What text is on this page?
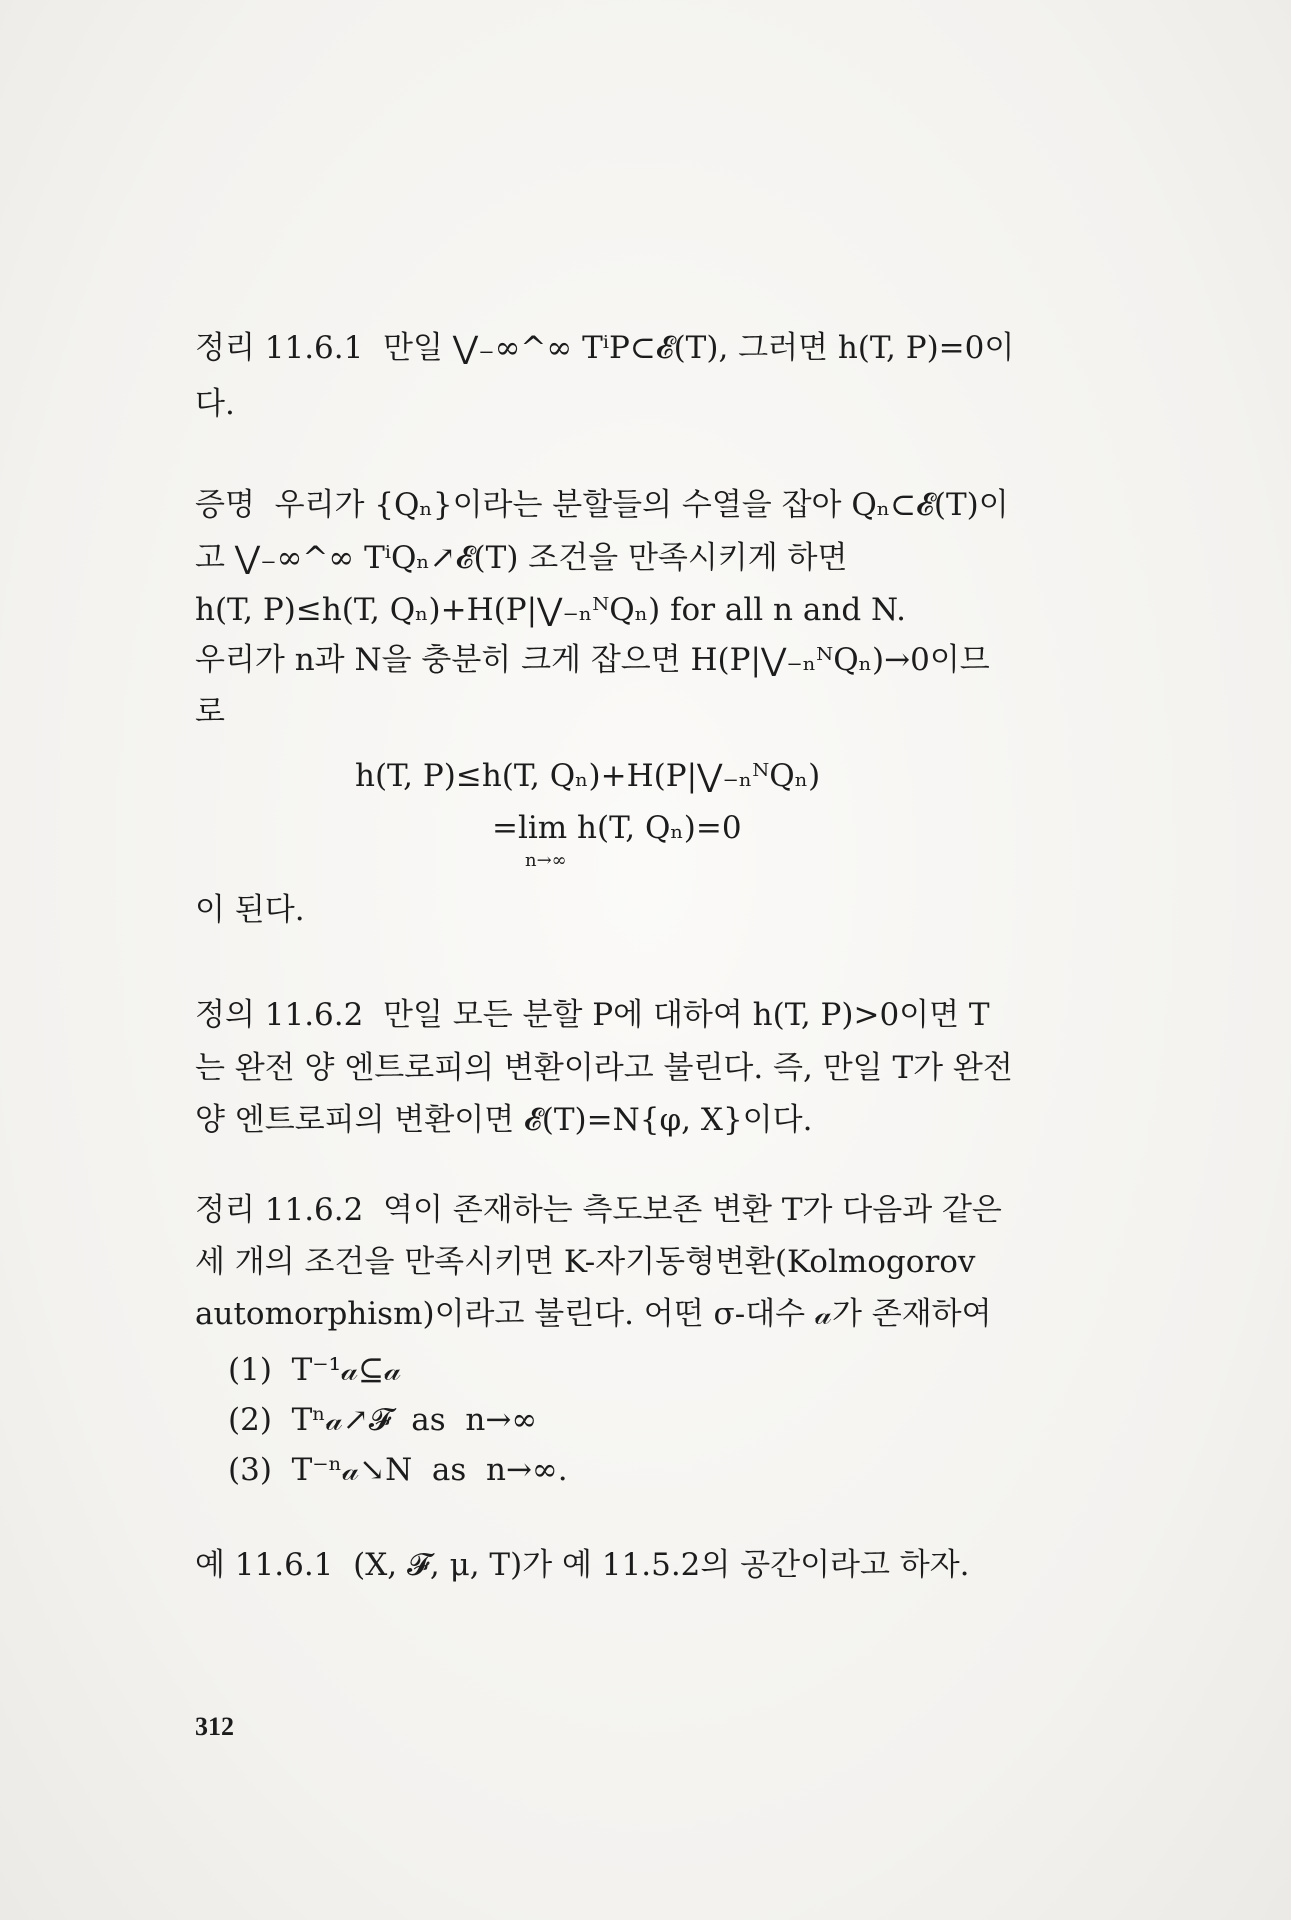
정리 11.6.1  만일 ⋁₋∞^∞ TⁱP⊂𝓔(T), 그러면 h(T, P)=0이
다.
증명  우리가 {Qₙ}이라는 분할들의 수열을 잡아 Qₙ⊂𝓔(T)이
고 ⋁₋∞^∞ TⁱQₙ↗𝓔(T) 조건을 만족시키게 하면
h(T, P)≤h(T, Qₙ)+H(P|⋁₋ₙᴺQₙ) for all n and N.
우리가 n과 N을 충분히 크게 잡으면 H(P|⋁₋ₙᴺQₙ)→0이므
로
h(T, P)≤h(T, Qₙ)+H(P|⋁₋ₙᴺQₙ)
=lim h(T, Qₙ)=0
n→∞
이 된다.
정의 11.6.2  만일 모든 분할 P에 대하여 h(T, P)>0이면 T
는 완전 양 엔트로피의 변환이라고 불린다. 즉, 만일 T가 완전
양 엔트로피의 변환이면 𝓔(T)=N{φ, X}이다.
정리 11.6.2  역이 존재하는 측도보존 변환 T가 다음과 같은
세 개의 조건을 만족시키면 K-자기동형변환(Kolmogorov
automorphism)이라고 불린다. 어떤 σ-대수 𝒶가 존재하여
(1)  T⁻¹𝒶⊆𝒶
(2)  Tⁿ𝒶↗𝓕  as  n→∞
(3)  T⁻ⁿ𝒶↘N  as  n→∞.
예 11.6.1  (X, 𝓕, μ, T)가 예 11.5.2의 공간이라고 하자.
312
